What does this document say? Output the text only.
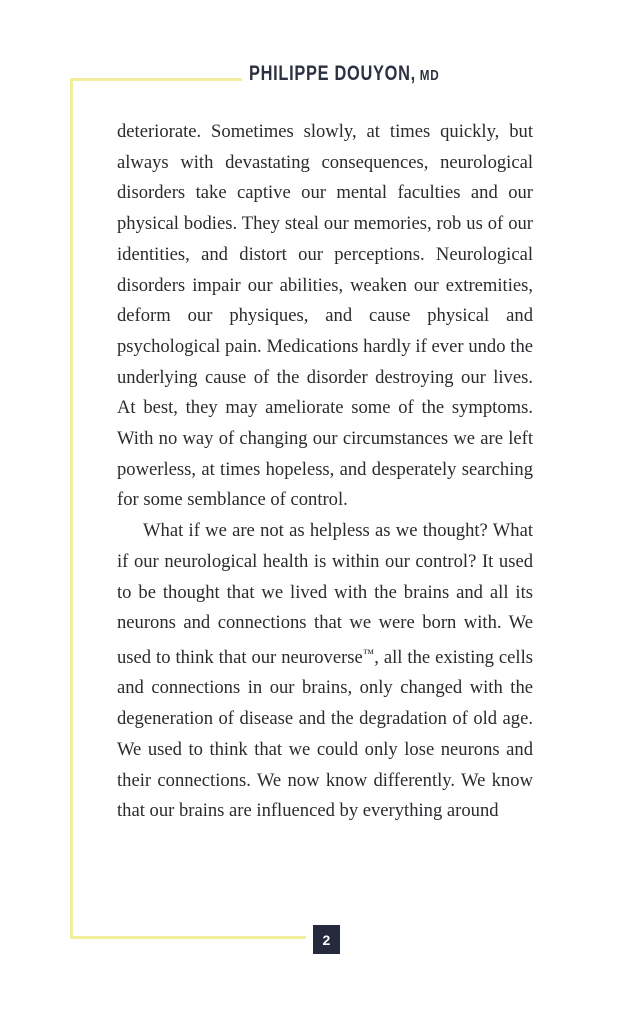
PHILIPPE DOUYON, MD

deteriorate. Sometimes slowly, at times quickly, but always with devastating consequences, neurological disorders take captive our mental faculties and our physical bodies. They steal our memories, rob us of our identities, and distort our perceptions. Neurological disorders impair our abilities, weaken our extremities, deform our physiques, and cause physical and psychological pain. Medications hardly if ever undo the underlying cause of the disorder destroying our lives. At best, they may ameliorate some of the symptoms. With no way of changing our circumstances we are left powerless, at times hopeless, and desperately searching for some semblance of control.

What if we are not as helpless as we thought? What if our neurological health is within our control? It used to be thought that we lived with the brains and all its neurons and connections that we were born with. We used to think that our neuroverse™, all the existing cells and connections in our brains, only changed with the degeneration of disease and the degradation of old age. We used to think that we could only lose neurons and their connections. We now know differently. We know that our brains are influenced by everything around

2
